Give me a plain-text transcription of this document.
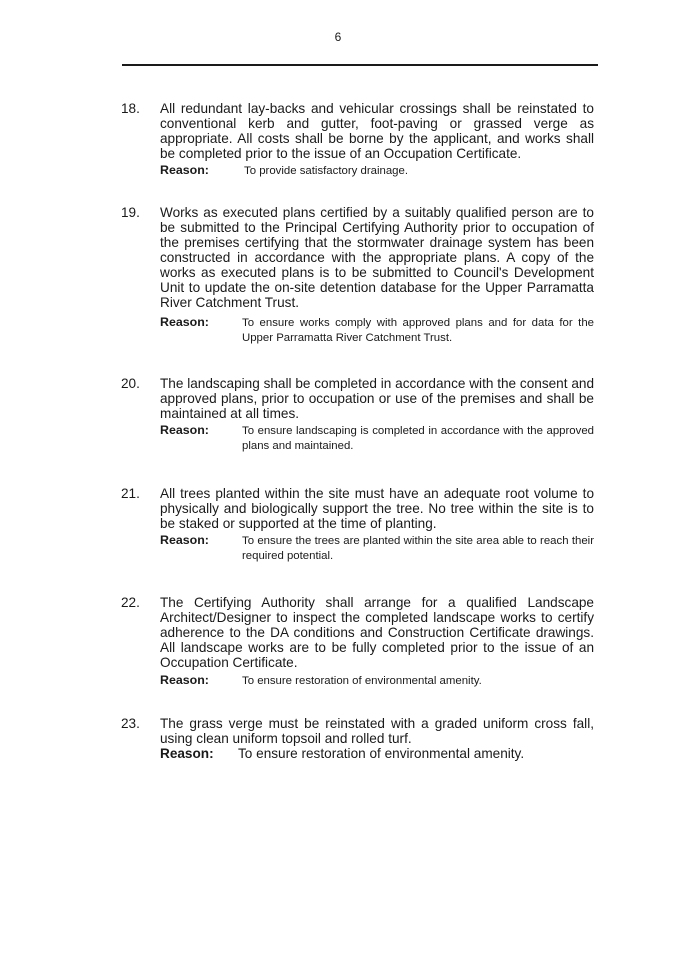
6
18. All redundant lay-backs and vehicular crossings shall be reinstated to conventional kerb and gutter, foot-paving or grassed verge as appropriate. All costs shall be borne by the applicant, and works shall be completed prior to the issue of an Occupation Certificate.
Reason:	To provide satisfactory drainage.
19. Works as executed plans certified by a suitably qualified person are to be submitted to the Principal Certifying Authority prior to occupation of the premises certifying that the stormwater drainage system has been constructed in accordance with the appropriate plans. A copy of the works as executed plans is to be submitted to Council's Development Unit to update the on-site detention database for the Upper Parramatta River Catchment Trust.
Reason:	To ensure works comply with approved plans and for data for the Upper Parramatta River Catchment Trust.
20. The landscaping shall be completed in accordance with the consent and approved plans, prior to occupation or use of the premises and shall be maintained at all times.
Reason:	To ensure landscaping is completed in accordance with the approved plans and maintained.
21. All trees planted within the site must have an adequate root volume to physically and biologically support the tree. No tree within the site is to be staked or supported at the time of planting.
Reason:	To ensure the trees are planted within the site area able to reach their required potential.
22. The Certifying Authority shall arrange for a qualified Landscape Architect/Designer to inspect the completed landscape works to certify adherence to the DA conditions and Construction Certificate drawings. All landscape works are to be fully completed prior to the issue of an Occupation Certificate.
Reason:	To ensure restoration of environmental amenity.
23. The grass verge must be reinstated with a graded uniform cross fall, using clean uniform topsoil and rolled turf.
Reason: To ensure restoration of environmental amenity.
